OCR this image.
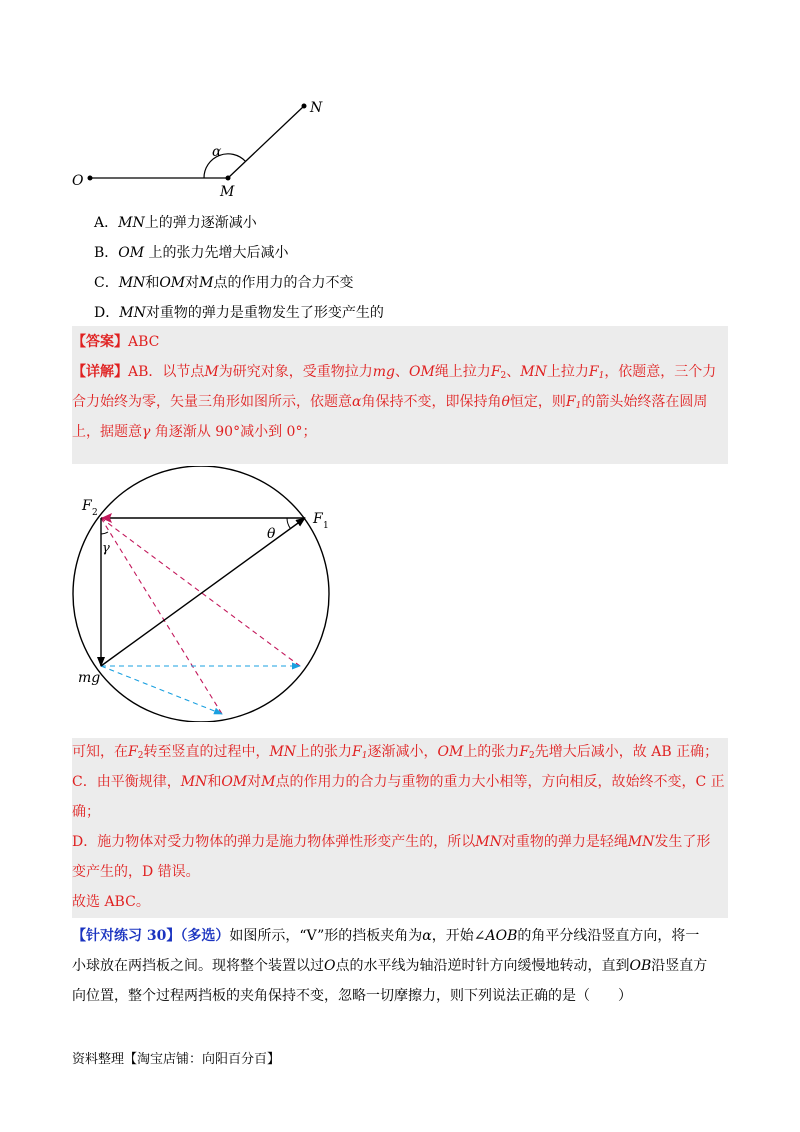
O
M
N
α
A．MN上的弹力逐渐减小
B．OM 上的张力先增大后减小
C．MN和OM对M点的作用力的合力不变
D．MN对重物的弹力是重物发生了形变产生的
【答案】ABC
【详解】AB．以节点M为研究对象，受重物拉力mg、OM绳上拉力$F_2$、MN上拉力$F_1$，依题意，三个力
合力始终为零，矢量三角形如图所示，依题意α角保持不变，即保持角θ恒定，则$F_1$的箭头始终落在圆周
上，据题意γ 角逐渐从 90°减小到 0°；
F 2	F 1
θ
γ
mg
可知，在$F_2$转至竖直的过程中，MN上的张力$F_1$逐渐减小，OM上的张力$F_2$先增大后减小，故 AB 正确；
C．由平衡规律，MN和OM对M点的作用力的合力与重物的重力大小相等，方向相反，故始终不变，C 正
确；
D．施力物体对受力物体的弹力是施力物体弹性形变产生的，所以MN对重物的弹力是轻绳MN发生了形
变产生的，D 错误。
故选 ABC。
【针对练习 30】（多选）如图所示，“V”形的挡板夹角为α，开始∠AOB的角平分线沿竖直方向，将一
小球放在两挡板之间。现将整个装置以过O点的水平线为轴沿逆时针方向缓慢地转动，直到OB沿竖直方
向位置，整个过程两挡板的夹角保持不变，忽略一切摩擦力，则下列说法正确的是（　　）
资料整理【淘宝店铺：向阳百分百】
